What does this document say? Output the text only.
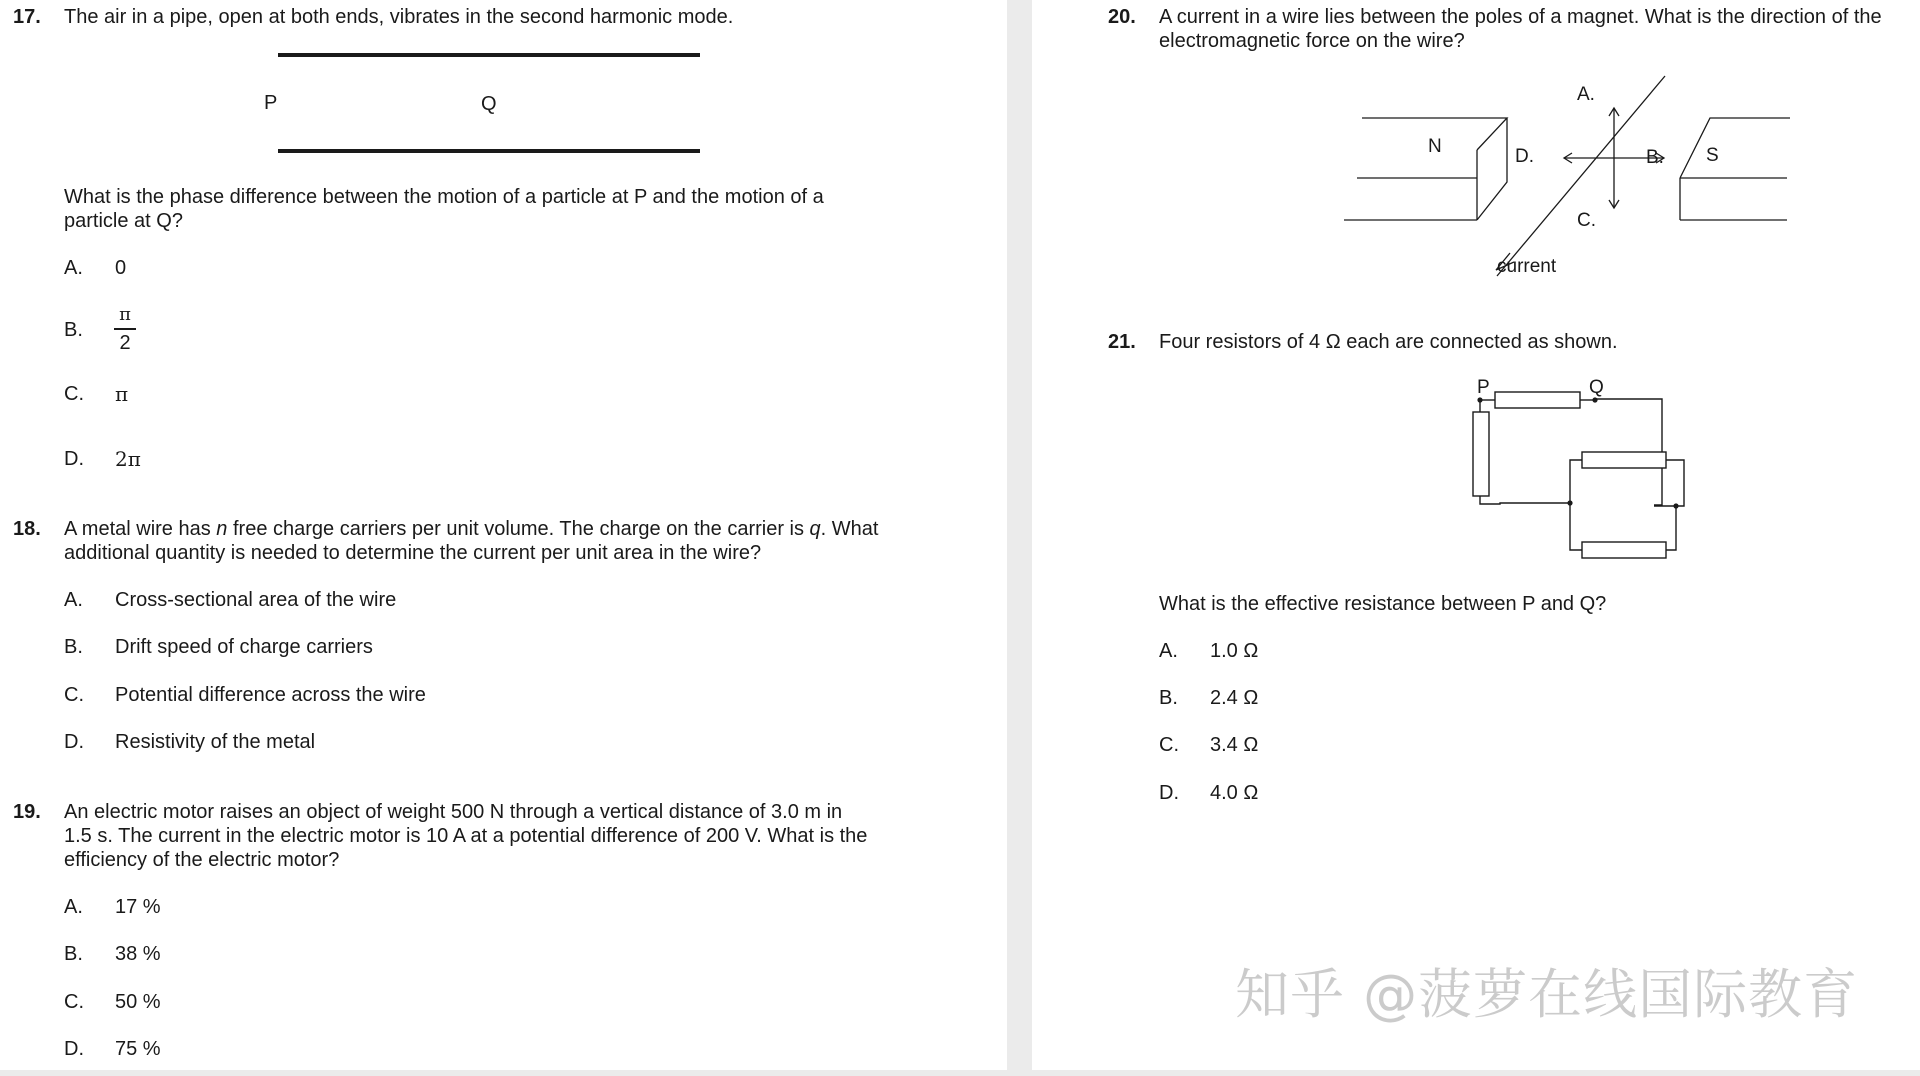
17. The air in a pipe, open at both ends, vibrates in the second harmonic mode.
P	Q
What is the phase difference between the motion of a particle at P and the motion of a
particle at Q?
A. 0
B.
π
2
C. π
D. 2π
18. A metal wire has n free charge carriers per unit volume. The charge on the carrier is q. What
additional quantity is needed to determine the current per unit area in the wire?
A. Cross-sectional area of the wire
B. Drift speed of charge carriers
C. Potential difference across the wire
D. Resistivity of the metal
19. An electric motor raises an object of weight 500 N through a vertical distance of 3.0 m in
1.5 s. The current in the electric motor is 10 A at a potential difference of 200 V. What is the
efficiency of the electric motor?
A. 17 %
B. 38 %
C. 50 %
D. 75 %
20. A current in a wire lies between the poles of a magnet. What is the direction of the
electromagnetic force on the wire?
N	S
A.
B.
C.
D.
current
21. Four resistors of 4 Ω each are connected as shown.
P	Q
What is the effective resistance between P and Q?
A. 1.0 Ω
B. 2.4 Ω
C. 3.4 Ω
D. 4.0 Ω
知乎 @菠萝在线国际教育
